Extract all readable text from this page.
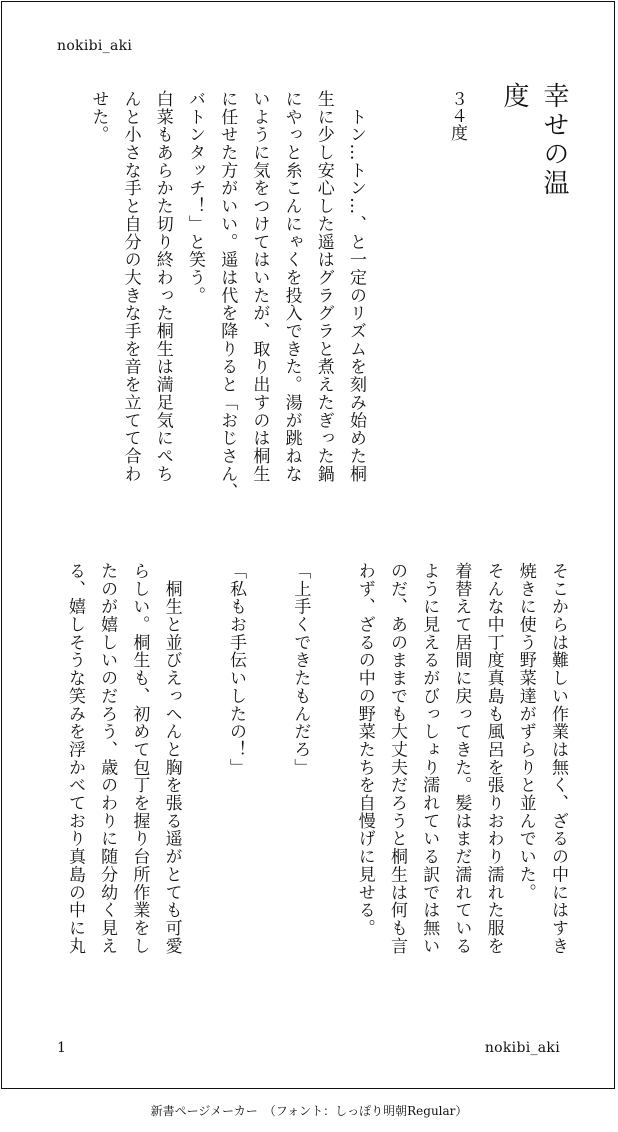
nokibi_aki
幸せの温度
３４度
　トン…トン…、と一定のリズムを刻み始めた桐
生に少し安心した遥はグラグラと煮えたぎった鍋
にやっと糸こんにゃくを投入できた。湯が跳ねな
いように気をつけてはいたが、取り出すのは桐生
に任せた方がいい。遥は代を降りると「おじさん、
バトンタッチ！」と笑う。
白菜もあらかた切り終わった桐生は満足気にぺち
んと小さな手と自分の大きな手を音を立てて合わ
せた。
そこからは難しい作業は無く、ざるの中にはすき
焼きに使う野菜達がずらりと並んでいた。
そんな中丁度真島も風呂を張りおわり濡れた服を
着替えて居間に戻ってきた。髪はまだ濡れている
ように見えるがびっしょり濡れている訳では無い
のだ、あのままでも大丈夫だろうと桐生は何も言
わず、ざるの中の野菜たちを自慢げに見せる。

「上手くできたもんだろ」

「私もお手伝いしたの！」

　桐生と並びえっへんと胸を張る遥がとても可愛
らしい。桐生も、初めて包丁を握り台所作業をし
たのが嬉しいのだろう、歳のわりに随分幼く見え
る、嬉しそうな笑みを浮かべており真島の中に丸
1	nokibi_aki
新書ページメーカー　（フォント：しっぽり明朝Regular）
